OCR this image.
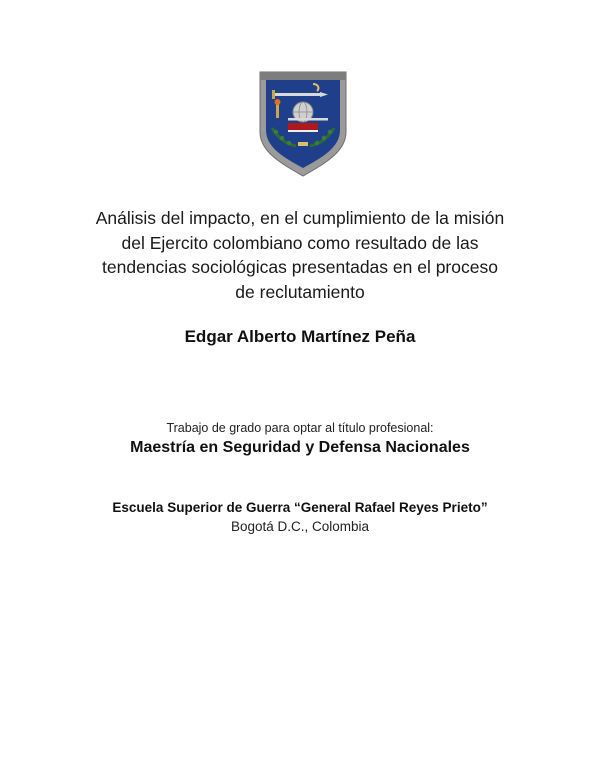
Análisis del impacto, en el cumplimiento de la misión
del Ejercito colombiano como resultado de las
tendencias sociológicas presentadas en el proceso
de reclutamiento
Edgar Alberto Martínez Peña
Trabajo de grado para optar al título profesional:
Maestría en Seguridad y Defensa Nacionales
Escuela Superior de Guerra “General Rafael Reyes Prieto”
Bogotá D.C., Colombia
